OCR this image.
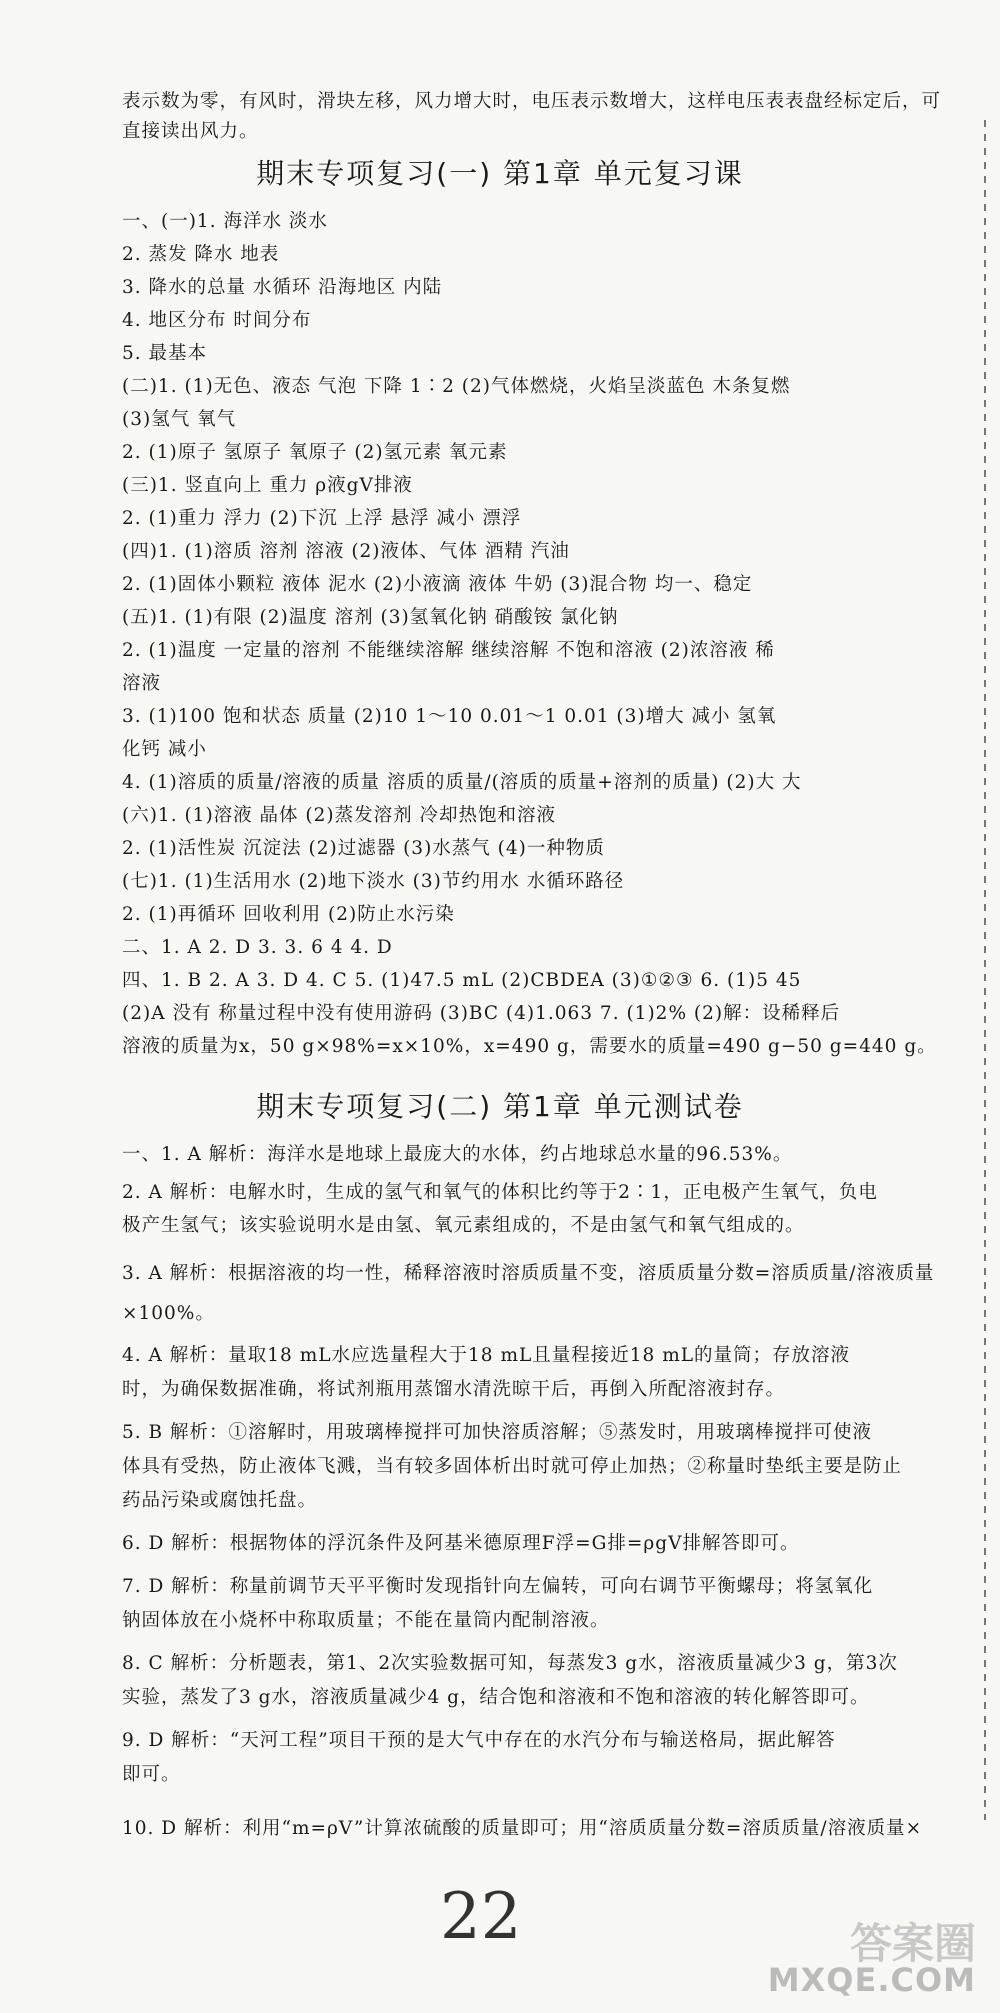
表示数为零，有风时，滑块左移，风力增大时，电压表示数增大，这样电压表表盘经标定后，可
直接读出风力。
期末专项复习(一) 第1章 单元复习课
一、(一)1. 海洋水 淡水
2. 蒸发 降水 地表
3. 降水的总量 水循环 沿海地区 内陆
4. 地区分布 时间分布
5. 最基本
(二)1. (1)无色、液态 气泡 下降 1∶2 (2)气体燃烧，火焰呈淡蓝色 木条复燃
(3)氢气 氧气
2. (1)原子 氢原子 氧原子 (2)氢元素 氧元素
(三)1. 竖直向上 重力 ρ液gV排液
2. (1)重力 浮力 (2)下沉 上浮 悬浮 减小 漂浮
(四)1. (1)溶质 溶剂 溶液 (2)液体、气体 酒精 汽油
2. (1)固体小颗粒 液体 泥水 (2)小液滴 液体 牛奶 (3)混合物 均一、稳定
(五)1. (1)有限 (2)温度 溶剂 (3)氢氧化钠 硝酸铵 氯化钠
2. (1)温度 一定量的溶剂 不能继续溶解 继续溶解 不饱和溶液 (2)浓溶液 稀
溶液
3. (1)100 饱和状态 质量 (2)10 1～10 0.01～1 0.01 (3)增大 减小 氢氧
化钙 减小
4. (1)溶质的质量/溶液的质量 溶质的质量/(溶质的质量+溶剂的质量) (2)大 大
(六)1. (1)溶液 晶体 (2)蒸发溶剂 冷却热饱和溶液
2. (1)活性炭 沉淀法 (2)过滤器 (3)水蒸气 (4)一种物质
(七)1. (1)生活用水 (2)地下淡水 (3)节约用水 水循环路径
2. (1)再循环 回收利用 (2)防止水污染
二、1. A 2. D 3. 3. 6 4 4. D
四、1. B 2. A 3. D 4. C 5. (1)47.5 mL (2)CBDEA (3)①②③ 6. (1)5 45
(2)A 没有 称量过程中没有使用游码 (3)BC (4)1.063 7. (1)2% (2)解：设稀释后
溶液的质量为x，50 g×98%=x×10%，x=490 g，需要水的质量=490 g−50 g=440 g。
期末专项复习(二) 第1章 单元测试卷
一、1. A 解析：海洋水是地球上最庞大的水体，约占地球总水量的96.53%。
2. A 解析：电解水时，生成的氢气和氧气的体积比约等于2∶1，正电极产生氧气，负电
极产生氢气；该实验说明水是由氢、氧元素组成的，不是由氢气和氧气组成的。
3. A 解析：根据溶液的均一性，稀释溶液时溶质质量不变，溶质质量分数=溶质质量/溶液质量
×100%。
4. A 解析：量取18 mL水应选量程大于18 mL且量程接近18 mL的量筒；存放溶液
时，为确保数据准确，将试剂瓶用蒸馏水清洗晾干后，再倒入所配溶液封存。
5. B 解析：①溶解时，用玻璃棒搅拌可加快溶质溶解；⑤蒸发时，用玻璃棒搅拌可使液
体具有受热，防止液体飞溅，当有较多固体析出时就可停止加热；②称量时垫纸主要是防止
药品污染或腐蚀托盘。
6. D 解析：根据物体的浮沉条件及阿基米德原理F浮=G排=ρgV排解答即可。
7. D 解析：称量前调节天平平衡时发现指针向左偏转，可向右调节平衡螺母；将氢氧化
钠固体放在小烧杯中称取质量；不能在量筒内配制溶液。
8. C 解析：分析题表，第1、2次实验数据可知，每蒸发3 g水，溶液质量减少3 g，第3次
实验，蒸发了3 g水，溶液质量减少4 g，结合饱和溶液和不饱和溶液的转化解答即可。
9. D 解析：“天河工程”项目干预的是大气中存在的水汽分布与输送格局，据此解答
即可。
10. D 解析：利用“m=ρV”计算浓硫酸的质量即可；用“溶质质量分数=溶质质量/溶液质量×
22	答案圈
MXQE.COM
